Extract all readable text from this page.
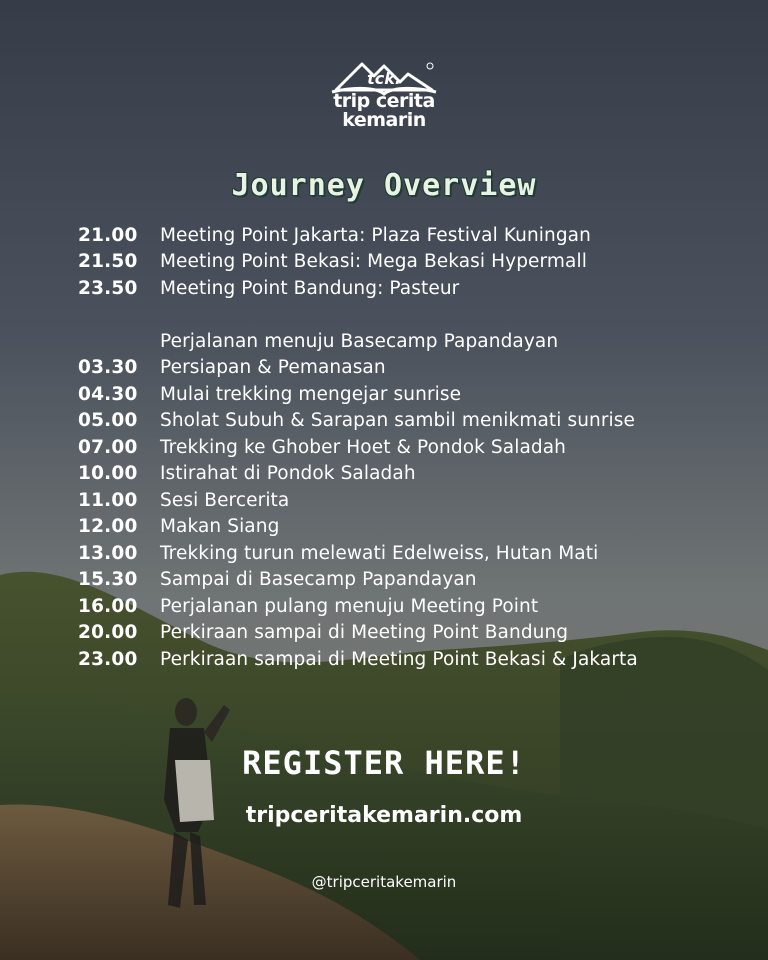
tck.
trip cerita
kemarin
Journey Overview
21.00	Meeting Point Jakarta: Plaza Festival Kuningan
21.50	Meeting Point Bekasi: Mega Bekasi Hypermall
23.50	Meeting Point Bandung: Pasteur
Perjalanan menuju Basecamp Papandayan
03.30	Persiapan & Pemanasan
04.30	Mulai trekking mengejar sunrise
05.00	Sholat Subuh & Sarapan sambil menikmati sunrise
07.00	Trekking ke Ghober Hoet & Pondok Saladah
10.00	Istirahat di Pondok Saladah
11.00	Sesi Bercerita
12.00	Makan Siang
13.00	Trekking turun melewati Edelweiss, Hutan Mati
15.30	Sampai di Basecamp Papandayan
16.00	Perjalanan pulang menuju Meeting Point
20.00	Perkiraan sampai di Meeting Point Bandung
23.00	Perkiraan sampai di Meeting Point Bekasi & Jakarta
REGISTER HERE!
tripceritakemarin.com
@tripceritakemarin
